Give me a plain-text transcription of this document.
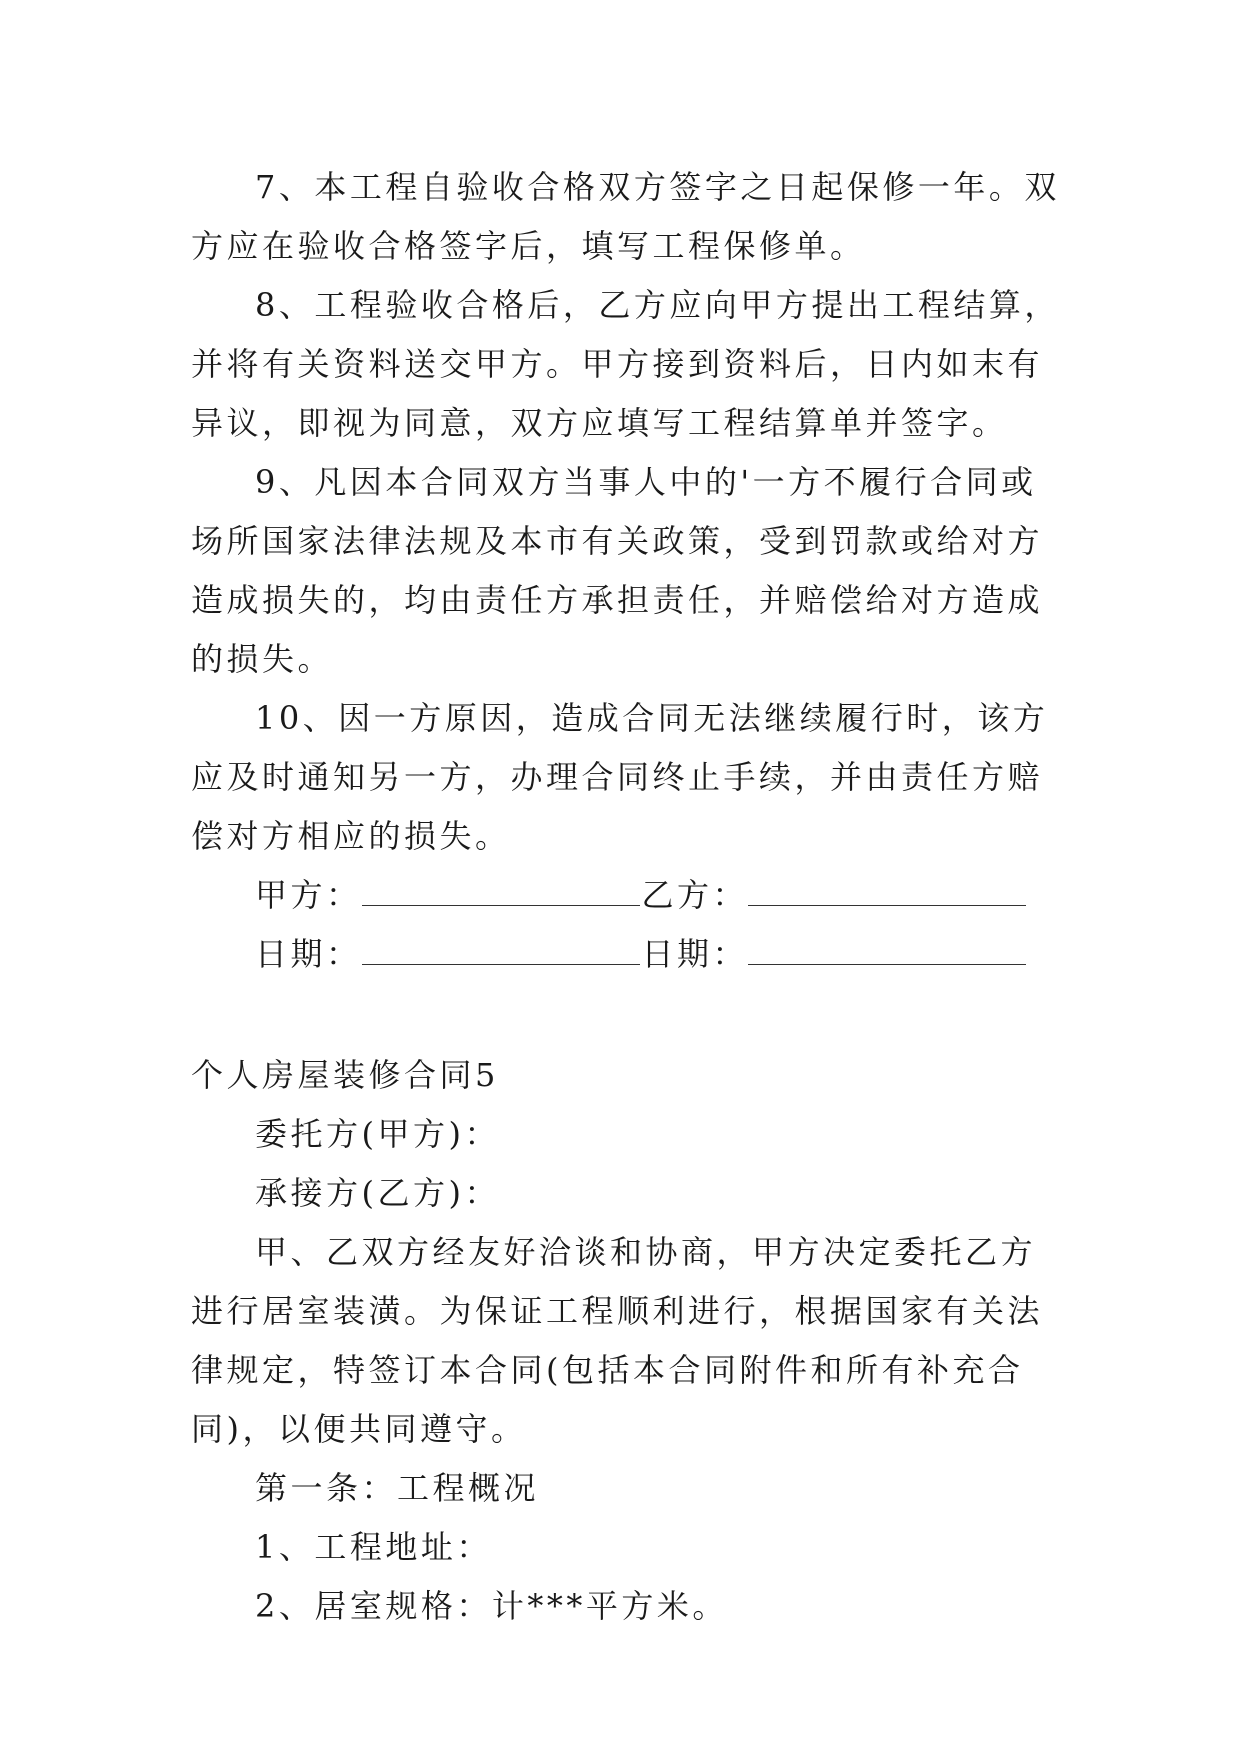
7、本工程自验收合格双方签字之日起保修一年。双方应在验收合格签字后，填写工程保修单。

8、工程验收合格后，乙方应向甲方提出工程结算，并将有关资料送交甲方。甲方接到资料后，日内如末有异议，即视为同意，双方应填写工程结算单并签字。

9、凡因本合同双方当事人中的'一方不履行合同或场所国家法律法规及本市有关政策，受到罚款或给对方造成损失的，均由责任方承担责任，并赔偿给对方造成的损失。

10、因一方原因，造成合同无法继续履行时，该方应及时通知另一方，办理合同终止手续，并由责任方赔偿对方相应的损失。

甲方：	乙方：
日期：	日期：

个人房屋装修合同5

委托方(甲方)：

承接方(乙方)：

甲、乙双方经友好洽谈和协商，甲方决定委托乙方进行居室装潢。为保证工程顺利进行，根据国家有关法律规定，特签订本合同(包括本合同附件和所有补充合同)，以便共同遵守。

第一条：工程概况

1、工程地址：

2、居室规格：计***平方米。
